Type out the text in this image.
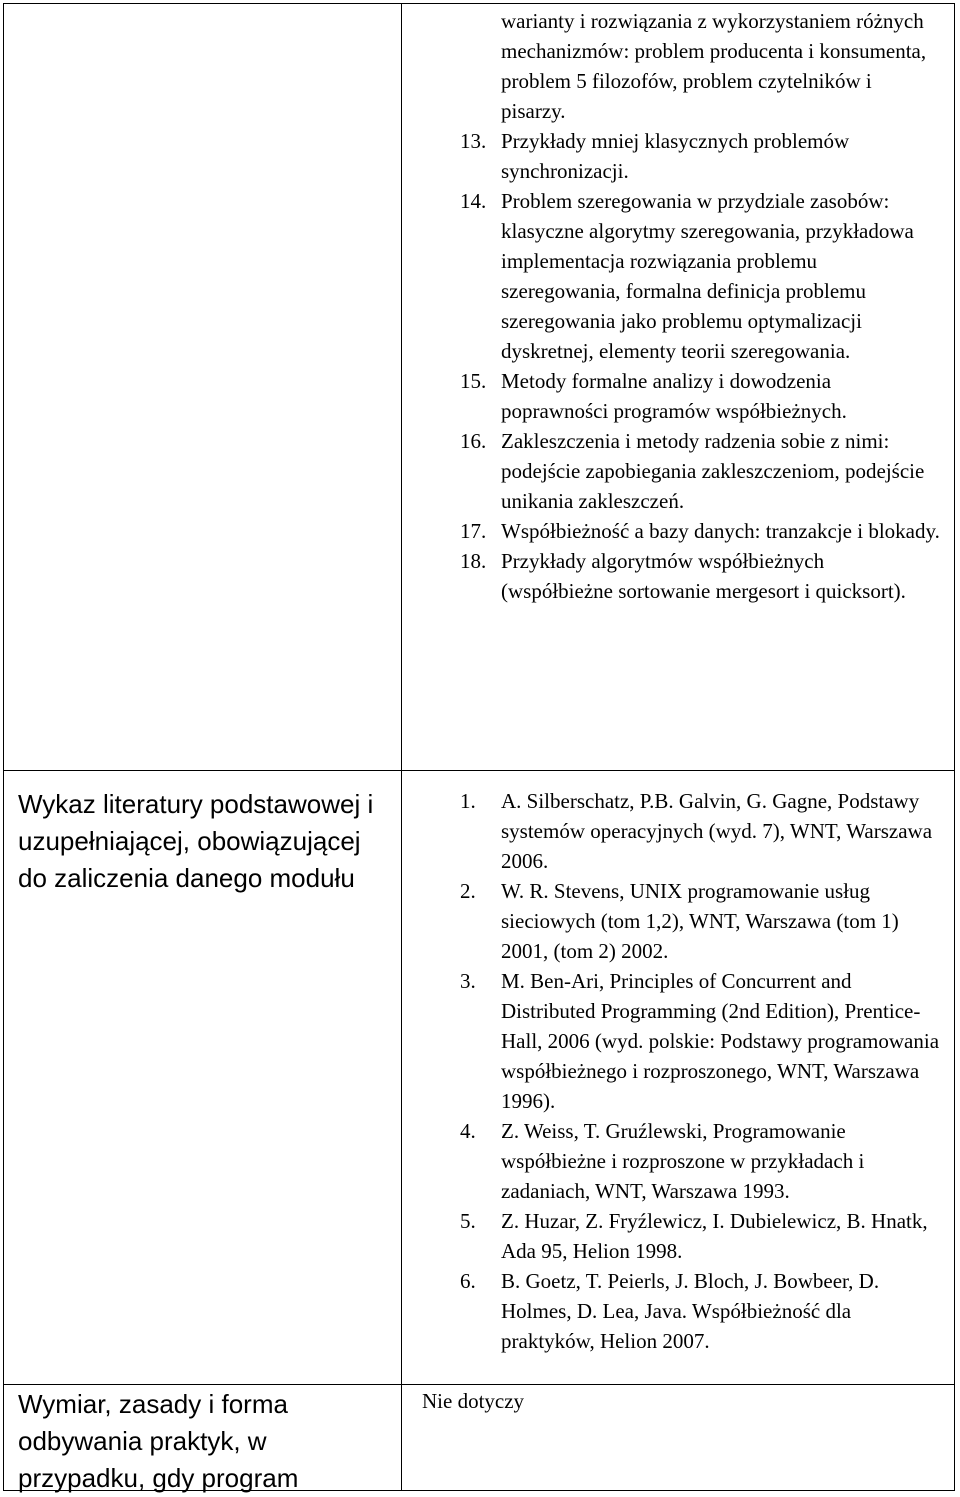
warianty i rozwiązania z wykorzystaniem różnych mechanizmów: problem producenta i konsumenta, problem 5 filozofów, problem czytelników i pisarzy.
13. Przykłady mniej klasycznych problemów synchronizacji.
14. Problem szeregowania w przydziale zasobów: klasyczne algorytmy szeregowania, przykładowa implementacja rozwiązania problemu szeregowania, formalna definicja problemu szeregowania jako problemu optymalizacji dyskretnej, elementy teorii szeregowania.
15. Metody formalne analizy i dowodzenia poprawności programów współbieżnych.
16. Zakleszczenia i metody radzenia sobie z nimi: podejście zapobiegania zakleszczeniom, podejście unikania zakleszczeń.
17. Współbieżność a bazy danych: tranzakcje i blokady.
18. Przykłady algorytmów współbieżnych (współbieżne sortowanie mergesort i quicksort).
Wykaz literatury podstawowej i uzupełniającej, obowiązującej do zaliczenia danego modułu
1. A. Silberschatz, P.B. Galvin, G. Gagne, Podstawy systemów operacyjnych (wyd. 7), WNT, Warszawa 2006.
2. W. R. Stevens, UNIX programowanie usług sieciowych (tom 1,2), WNT, Warszawa (tom 1) 2001, (tom 2) 2002.
3. M. Ben-Ari, Principles of Concurrent and Distributed Programming (2nd Edition), Prentice-Hall, 2006 (wyd. polskie: Podstawy programowania współbieżnego i rozproszonego, WNT, Warszawa 1996).
4. Z. Weiss, T. Gruźlewski, Programowanie współbieżne i rozproszone w przykładach i zadaniach, WNT, Warszawa 1993.
5. Z. Huzar, Z. Fryźlewicz, I. Dubielewicz, B. Hnatk, Ada 95, Helion 1998.
6. B. Goetz, T. Peierls, J. Bloch, J. Bowbeer, D. Holmes, D. Lea, Java. Współbieżność dla praktyków, Helion 2007.
Wymiar, zasady i forma odbywania praktyk, w przypadku, gdy program
Nie dotyczy
